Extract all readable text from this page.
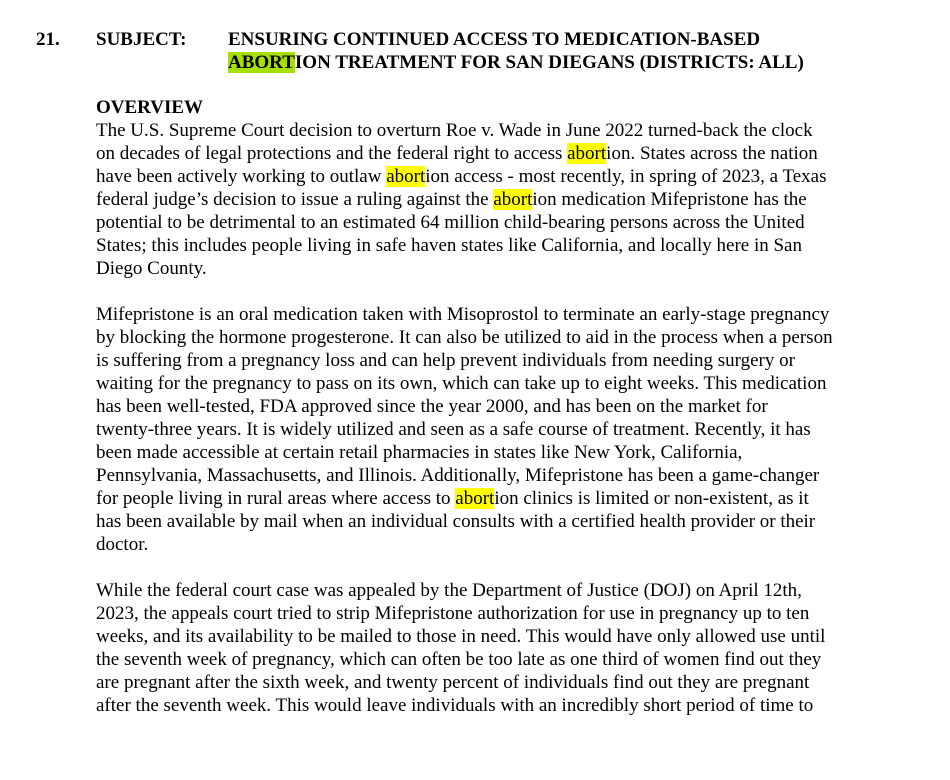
21. SUBJECT: ENSURING CONTINUED ACCESS TO MEDICATION-BASED
ABORTION TREATMENT FOR SAN DIEGANS (DISTRICTS: ALL)
OVERVIEW
The U.S. Supreme Court decision to overturn Roe v. Wade in June 2022 turned-back the clock
on decades of legal protections and the federal right to access abortion. States across the nation
have been actively working to outlaw abortion access - most recently, in spring of 2023, a Texas
federal judge’s decision to issue a ruling against the abortion medication Mifepristone has the
potential to be detrimental to an estimated 64 million child-bearing persons across the United
States; this includes people living in safe haven states like California, and locally here in San
Diego County.
Mifepristone is an oral medication taken with Misoprostol to terminate an early-stage pregnancy
by blocking the hormone progesterone. It can also be utilized to aid in the process when a person
is suffering from a pregnancy loss and can help prevent individuals from needing surgery or
waiting for the pregnancy to pass on its own, which can take up to eight weeks. This medication
has been well-tested, FDA approved since the year 2000, and has been on the market for
twenty-three years. It is widely utilized and seen as a safe course of treatment. Recently, it has
been made accessible at certain retail pharmacies in states like New York, California,
Pennsylvania, Massachusetts, and Illinois. Additionally, Mifepristone has been a game-changer
for people living in rural areas where access to abortion clinics is limited or non-existent, as it
has been available by mail when an individual consults with a certified health provider or their
doctor.
While the federal court case was appealed by the Department of Justice (DOJ) on April 12th,
2023, the appeals court tried to strip Mifepristone authorization for use in pregnancy up to ten
weeks, and its availability to be mailed to those in need. This would have only allowed use until
the seventh week of pregnancy, which can often be too late as one third of women find out they
are pregnant after the sixth week, and twenty percent of individuals find out they are pregnant
after the seventh week. This would leave individuals with an incredibly short period of time to
